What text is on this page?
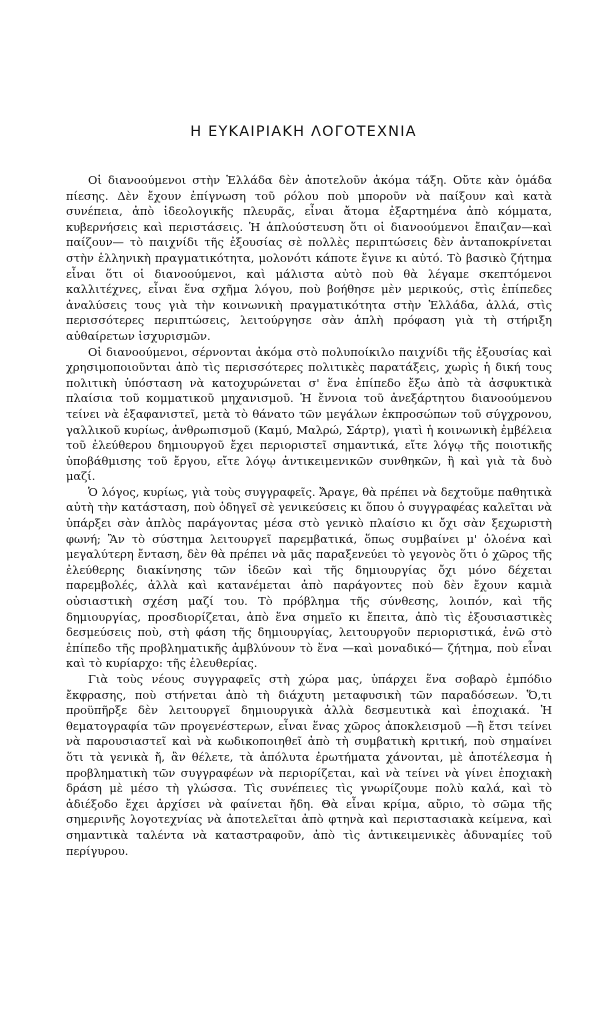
Η ΕΥΚΑΙΡΙΑΚΗ ΛΟΓΟΤΕΧΝΙΑ

Οἱ διανοούμενοι στὴν Ἑλλάδα δὲν ἀποτελοῦν ἀκόμα τάξη. Οὔτε κὰν ὁμάδα πίεσης. Δὲν ἔχουν ἐπίγνωση τοῦ ρόλου ποὺ μποροῦν νὰ παίξουν καὶ κατὰ συνέπεια, ἀπὸ ἰδεολογικῆς πλευρᾶς, εἶναι ἄτομα ἐξαρτημένα ἀπὸ κόμματα, κυβερνήσεις καὶ περιστάσεις. Ἡ ἁπλούστευση ὅτι οἱ διανοούμενοι ἔπαιζαν—καὶ παίζουν— τὸ παιχνίδι τῆς ἐξουσίας σὲ πολλὲς περιπτώσεις δὲν ἀνταποκρίνεται στὴν ἑλληνικὴ πραγματικότητα, μολονότι κάποτε ἔγινε κι αὐτό. Τὸ βασικὸ ζήτημα εἶναι ὅτι οἱ διανοούμενοι, καὶ μάλιστα αὐτὸ ποὺ θὰ λέγαμε σκεπτόμενοι καλλιτέχνες, εἶναι ἕνα σχῆμα λόγου, ποὺ βοήθησε μὲν μερικούς, στὶς ἐπίπεδες ἀναλύσεις τους γιὰ τὴν κοινωνικὴ πραγματικότητα στὴν Ἑλλάδα, ἀλλά, στὶς περισσότερες περιπτώσεις, λειτούργησε σὰν ἁπλὴ πρόφαση γιὰ τὴ στήριξη αὐθαίρετων ἰσχυρισμῶν.

Οἱ διανοούμενοι, σέρνονται ἀκόμα στὸ πολυποίκιλο παιχνίδι τῆς ἐξουσίας καὶ χρησιμοποιοῦνται ἀπὸ τὶς περισσότερες πολιτικὲς παρατάξεις, χωρὶς ἡ δική τους πολιτικὴ ὑπόσταση νὰ κατοχυρώνεται σ' ἕνα ἐπίπεδο ἔξω ἀπὸ τὰ ἀσφυκτικὰ πλαίσια τοῦ κομματικοῦ μηχανισμοῦ. Ἡ ἔννοια τοῦ ἀνεξάρτητου διανοούμενου τείνει νὰ ἐξαφανιστεῖ, μετὰ τὸ θάνατο τῶν μεγάλων ἐκπροσώπων τοῦ σύγχρονου, γαλλικοῦ κυρίως, ἀνθρωπισμοῦ (Καμύ, Μαλρώ, Σάρτρ), γιατὶ ἡ κοινωνικὴ ἐμβέλεια τοῦ ἐλεύθερου δημιουργοῦ ἔχει περιοριστεῖ σημαντικά, εἴτε λόγῳ τῆς ποιοτικῆς ὑποβάθμισης τοῦ ἔργου, εἴτε λόγῳ ἀντικειμενικῶν συνθηκῶν, ἢ καὶ γιὰ τὰ δυὸ μαζί.

Ὁ λόγος, κυρίως, γιὰ τοὺς συγγραφεῖς. Ἄραγε, θὰ πρέπει νὰ δεχτοῦμε παθητικὰ αὐτὴ τὴν κατάσταση, ποὺ ὁδηγεῖ σὲ γενικεύσεις κι ὅπου ὁ συγγραφέας καλεῖται νὰ ὑπάρξει σὰν ἁπλὸς παράγοντας μέσα στὸ γενικὸ πλαίσιο κι ὄχι σὰν ξεχωριστὴ φωνή; Ἂν τὸ σύστημα λειτουργεῖ παρεμβατικά, ὅπως συμβαίνει μ' ὁλοένα καὶ μεγαλύτερη ἔνταση, δὲν θὰ πρέπει νὰ μᾶς παραξενεύει τὸ γεγονὸς ὅτι ὁ χῶρος τῆς ἐλεύθερης διακίνησης τῶν ἰδεῶν καὶ τῆς δημιουργίας ὄχι μόνο δέχεται παρεμβολές, ἀλλὰ καὶ κατανέμεται ἀπὸ παράγοντες ποὺ δὲν ἔχουν καμιὰ οὐσιαστικὴ σχέση μαζί του. Τὸ πρόβλημα τῆς σύνθεσης, λοιπόν, καὶ τῆς δημιουργίας, προσδιορίζεται, ἀπὸ ἕνα σημεῖο κι ἔπειτα, ἀπὸ τὶς ἐξουσιαστικὲς δεσμεύσεις ποὺ, στὴ φάση τῆς δημιουργίας, λειτουργοῦν περιοριστικά, ἐνῶ στὸ ἐπίπεδο τῆς προβληματικῆς ἀμβλύνουν τὸ ἕνα —καὶ μοναδικό— ζήτημα, ποὺ εἶναι καὶ τὸ κυρίαρχο: τῆς ἐλευθερίας.

Γιὰ τοὺς νέους συγγραφεῖς στὴ χώρα μας, ὑπάρχει ἕνα σοβαρὸ ἐμπόδιο ἔκφρασης, ποὺ στήνεται ἀπὸ τὴ διάχυτη μεταφυσικὴ τῶν παραδόσεων. Ὅ,τι προϋπῆρξε δὲν λειτουργεῖ δημιουργικὰ ἀλλὰ δεσμευτικὰ καὶ ἐποχιακά. Ἡ θεματογραφία τῶν προγενέστερων, εἶναι ἕνας χῶρος ἀποκλεισμοῦ —ἢ ἔτσι τείνει νὰ παρουσιαστεῖ καὶ νὰ κωδικοποιηθεῖ ἀπὸ τὴ συμβατικὴ κριτική, ποὺ σημαίνει ὅτι τὰ γενικὰ ἤ, ἂν θέλετε, τὰ ἀπόλυτα ἐρωτήματα χάνονται, μὲ ἀποτέλεσμα ἡ προβληματικὴ τῶν συγγραφέων νὰ περιορίζεται, καὶ νὰ τείνει νὰ γίνει ἐποχιακὴ δράση μὲ μέσο τὴ γλώσσα. Τὶς συνέπειες τὶς γνωρίζουμε πολὺ καλά, καὶ τὸ ἀδιέξοδο ἔχει ἀρχίσει νὰ φαίνεται ἤδη. Θὰ εἶναι κρίμα, αὔριο, τὸ σῶμα τῆς σημερινῆς λογοτεχνίας νὰ ἀποτελεῖται ἀπὸ φτηνὰ καὶ περιστασιακὰ κείμενα, καὶ σημαντικὰ ταλέντα νὰ καταστραφοῦν, ἀπὸ τὶς ἀντικειμενικὲς ἀδυναμίες τοῦ περίγυρου.
